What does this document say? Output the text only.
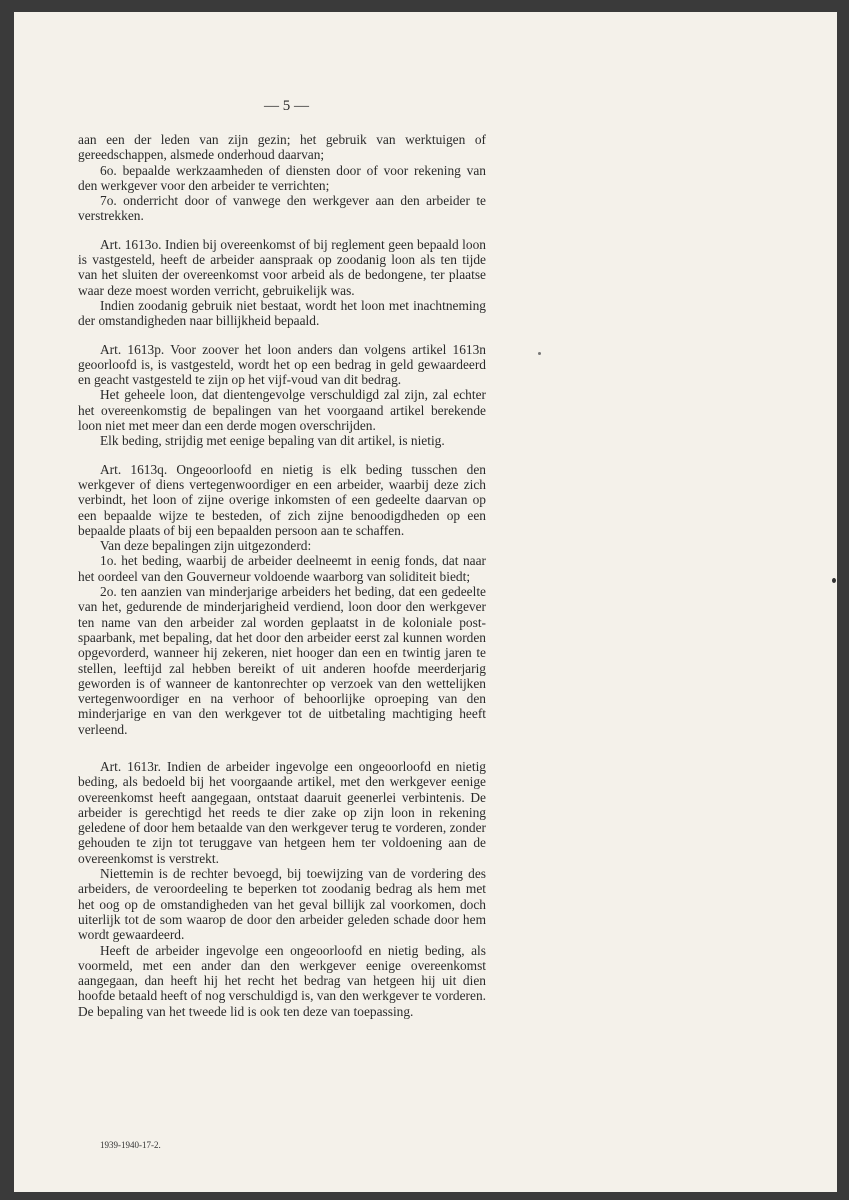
— 5 —

aan een der leden van zijn gezin; het gebruik van werktuigen of gereedschappen, alsmede onderhoud daarvan;

6o. bepaalde werkzaamheden of diensten door of voor rekening van den werkgever voor den arbeider te verrichten;

7o. onderricht door of vanwege den werkgever aan den arbeider te verstrekken.

Art. 1613o. Indien bij overeenkomst of bij reglement geen bepaald loon is vastgesteld, heeft de arbeider aanspraak op zoodanig loon als ten tijde van het sluiten der overeenkomst voor arbeid als de bedongene, ter plaatse waar deze moest worden verricht, gebruikelijk was.

Indien zoodanig gebruik niet bestaat, wordt het loon met inachtneming der omstandigheden naar billijkheid bepaald.

Art. 1613p. Voor zoover het loon anders dan volgens artikel 1613n geoorloofd is, is vastgesteld, wordt het op een bedrag in geld gewaardeerd en geacht vastgesteld te zijn op het vijf-voud van dit bedrag.

Het geheele loon, dat dientengevolge verschuldigd zal zijn, zal echter het overeenkomstig de bepalingen van het voorgaand artikel berekende loon niet met meer dan een derde mogen overschrijden.

Elk beding, strijdig met eenige bepaling van dit artikel, is nietig.

Art. 1613q. Ongeoorloofd en nietig is elk beding tusschen den werkgever of diens vertegenwoordiger en een arbeider, waarbij deze zich verbindt, het loon of zijne overige inkomsten of een gedeelte daarvan op een bepaalde wijze te besteden, of zich zijne benoodigdheden op een bepaalde plaats of bij een bepaalden persoon aan te schaffen.

Van deze bepalingen zijn uitgezonderd:

1o. het beding, waarbij de arbeider deelneemt in eenig fonds, dat naar het oordeel van den Gouverneur voldoende waarborg van soliditeit biedt;

2o. ten aanzien van minderjarige arbeiders het beding, dat een gedeelte van het, gedurende de minderjarigheid verdiend, loon door den werkgever ten name van den arbeider zal worden geplaatst in de koloniale post-spaarbank, met bepaling, dat het door den arbeider eerst zal kunnen worden opgevorderd, wanneer hij zekeren, niet hooger dan een en twintig jaren te stellen, leeftijd zal hebben bereikt of uit anderen hoofde meerderjarig geworden is of wanneer de kantonrechter op verzoek van den wettelijken vertegenwoordiger en na verhoor of behoorlijke oproeping van den minderjarige en van den werkgever tot de uitbetaling machtiging heeft verleend.

Art. 1613r. Indien de arbeider ingevolge een ongeoorloofd en nietig beding, als bedoeld bij het voorgaande artikel, met den werkgever eenige overeenkomst heeft aangegaan, ontstaat daaruit geenerlei verbintenis. De arbeider is gerechtigd het reeds te dier zake op zijn loon in rekening geledene of door hem betaalde van den werkgever terug te vorderen, zonder gehouden te zijn tot teruggave van hetgeen hem ter voldoening aan de overeenkomst is verstrekt.

Niettemin is de rechter bevoegd, bij toewijzing van de vordering des arbeiders, de veroordeeling te beperken tot zoodanig bedrag als hem met het oog op de omstandigheden van het geval billijk zal voorkomen, doch uiterlijk tot de som waarop de door den arbeider geleden schade door hem wordt gewaardeerd.

Heeft de arbeider ingevolge een ongeoorloofd en nietig beding, als voormeld, met een ander dan den werkgever eenige overeenkomst aangegaan, dan heeft hij het recht het bedrag van hetgeen hij uit dien hoofde betaald heeft of nog verschuldigd is, van den werkgever te vorderen. De bepaling van het tweede lid is ook ten deze van toepassing.

1939-1940-17-2.
